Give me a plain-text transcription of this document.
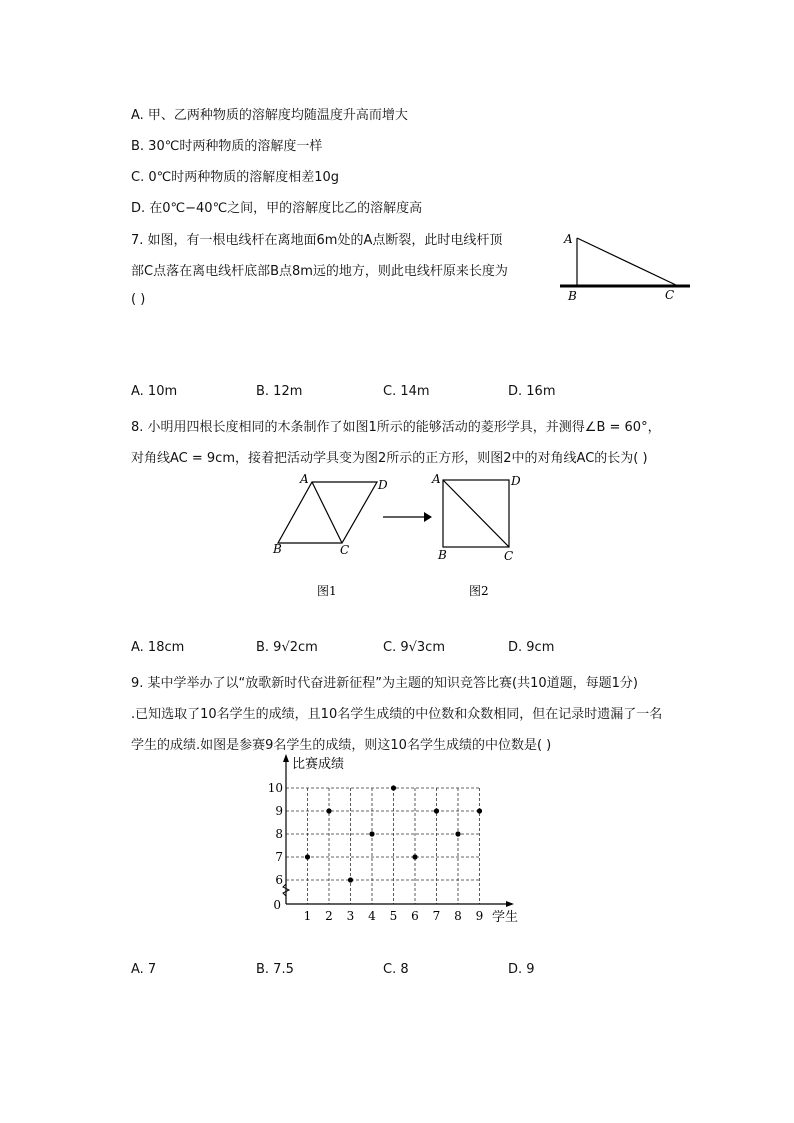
A. 甲、乙两种物质的溶解度均随温度升高而增大
B. 30℃时两种物质的溶解度一样
C. 0℃时两种物质的溶解度相差10g
D. 在0℃−40℃之间，甲的溶解度比乙的溶解度高
7. 如图，有一根电线杆在离地面6m处的A点断裂，此时电线杆顶
部C点落在离电线杆底部B点8m远的地方，则此电线杆原来长度为
( )
A
B	C
A. 10m	B. 12m	C. 14m	D. 16m
8. 小明用四根长度相同的木条制作了如图1所示的能够活动的菱形学具，并测得∠B = 60°，
对角线AC = 9cm，接着把活动学具变为图2所示的正方形，则图2中的对角线AC的长为( )
A	D
B	C
图1
A	D
B	C
图2
A. 18cm	B. 9√2cm	C. 9√3cm	D. 9cm
9. 某中学举办了以“放歌新时代奋进新征程”为主题的知识竞答比赛(共10道题，每题1分)
.已知选取了10名学生的成绩，且10名学生成绩的中位数和众数相同，但在记录时遗漏了一名
学生的成绩.如图是参赛9名学生的成绩，则这10名学生成绩的中位数是( )
6
7
8
9
10
0
1 2 3 4 5 6 7 8 9
比赛成绩
学生
A. 7	B. 7.5	C. 8	D. 9
